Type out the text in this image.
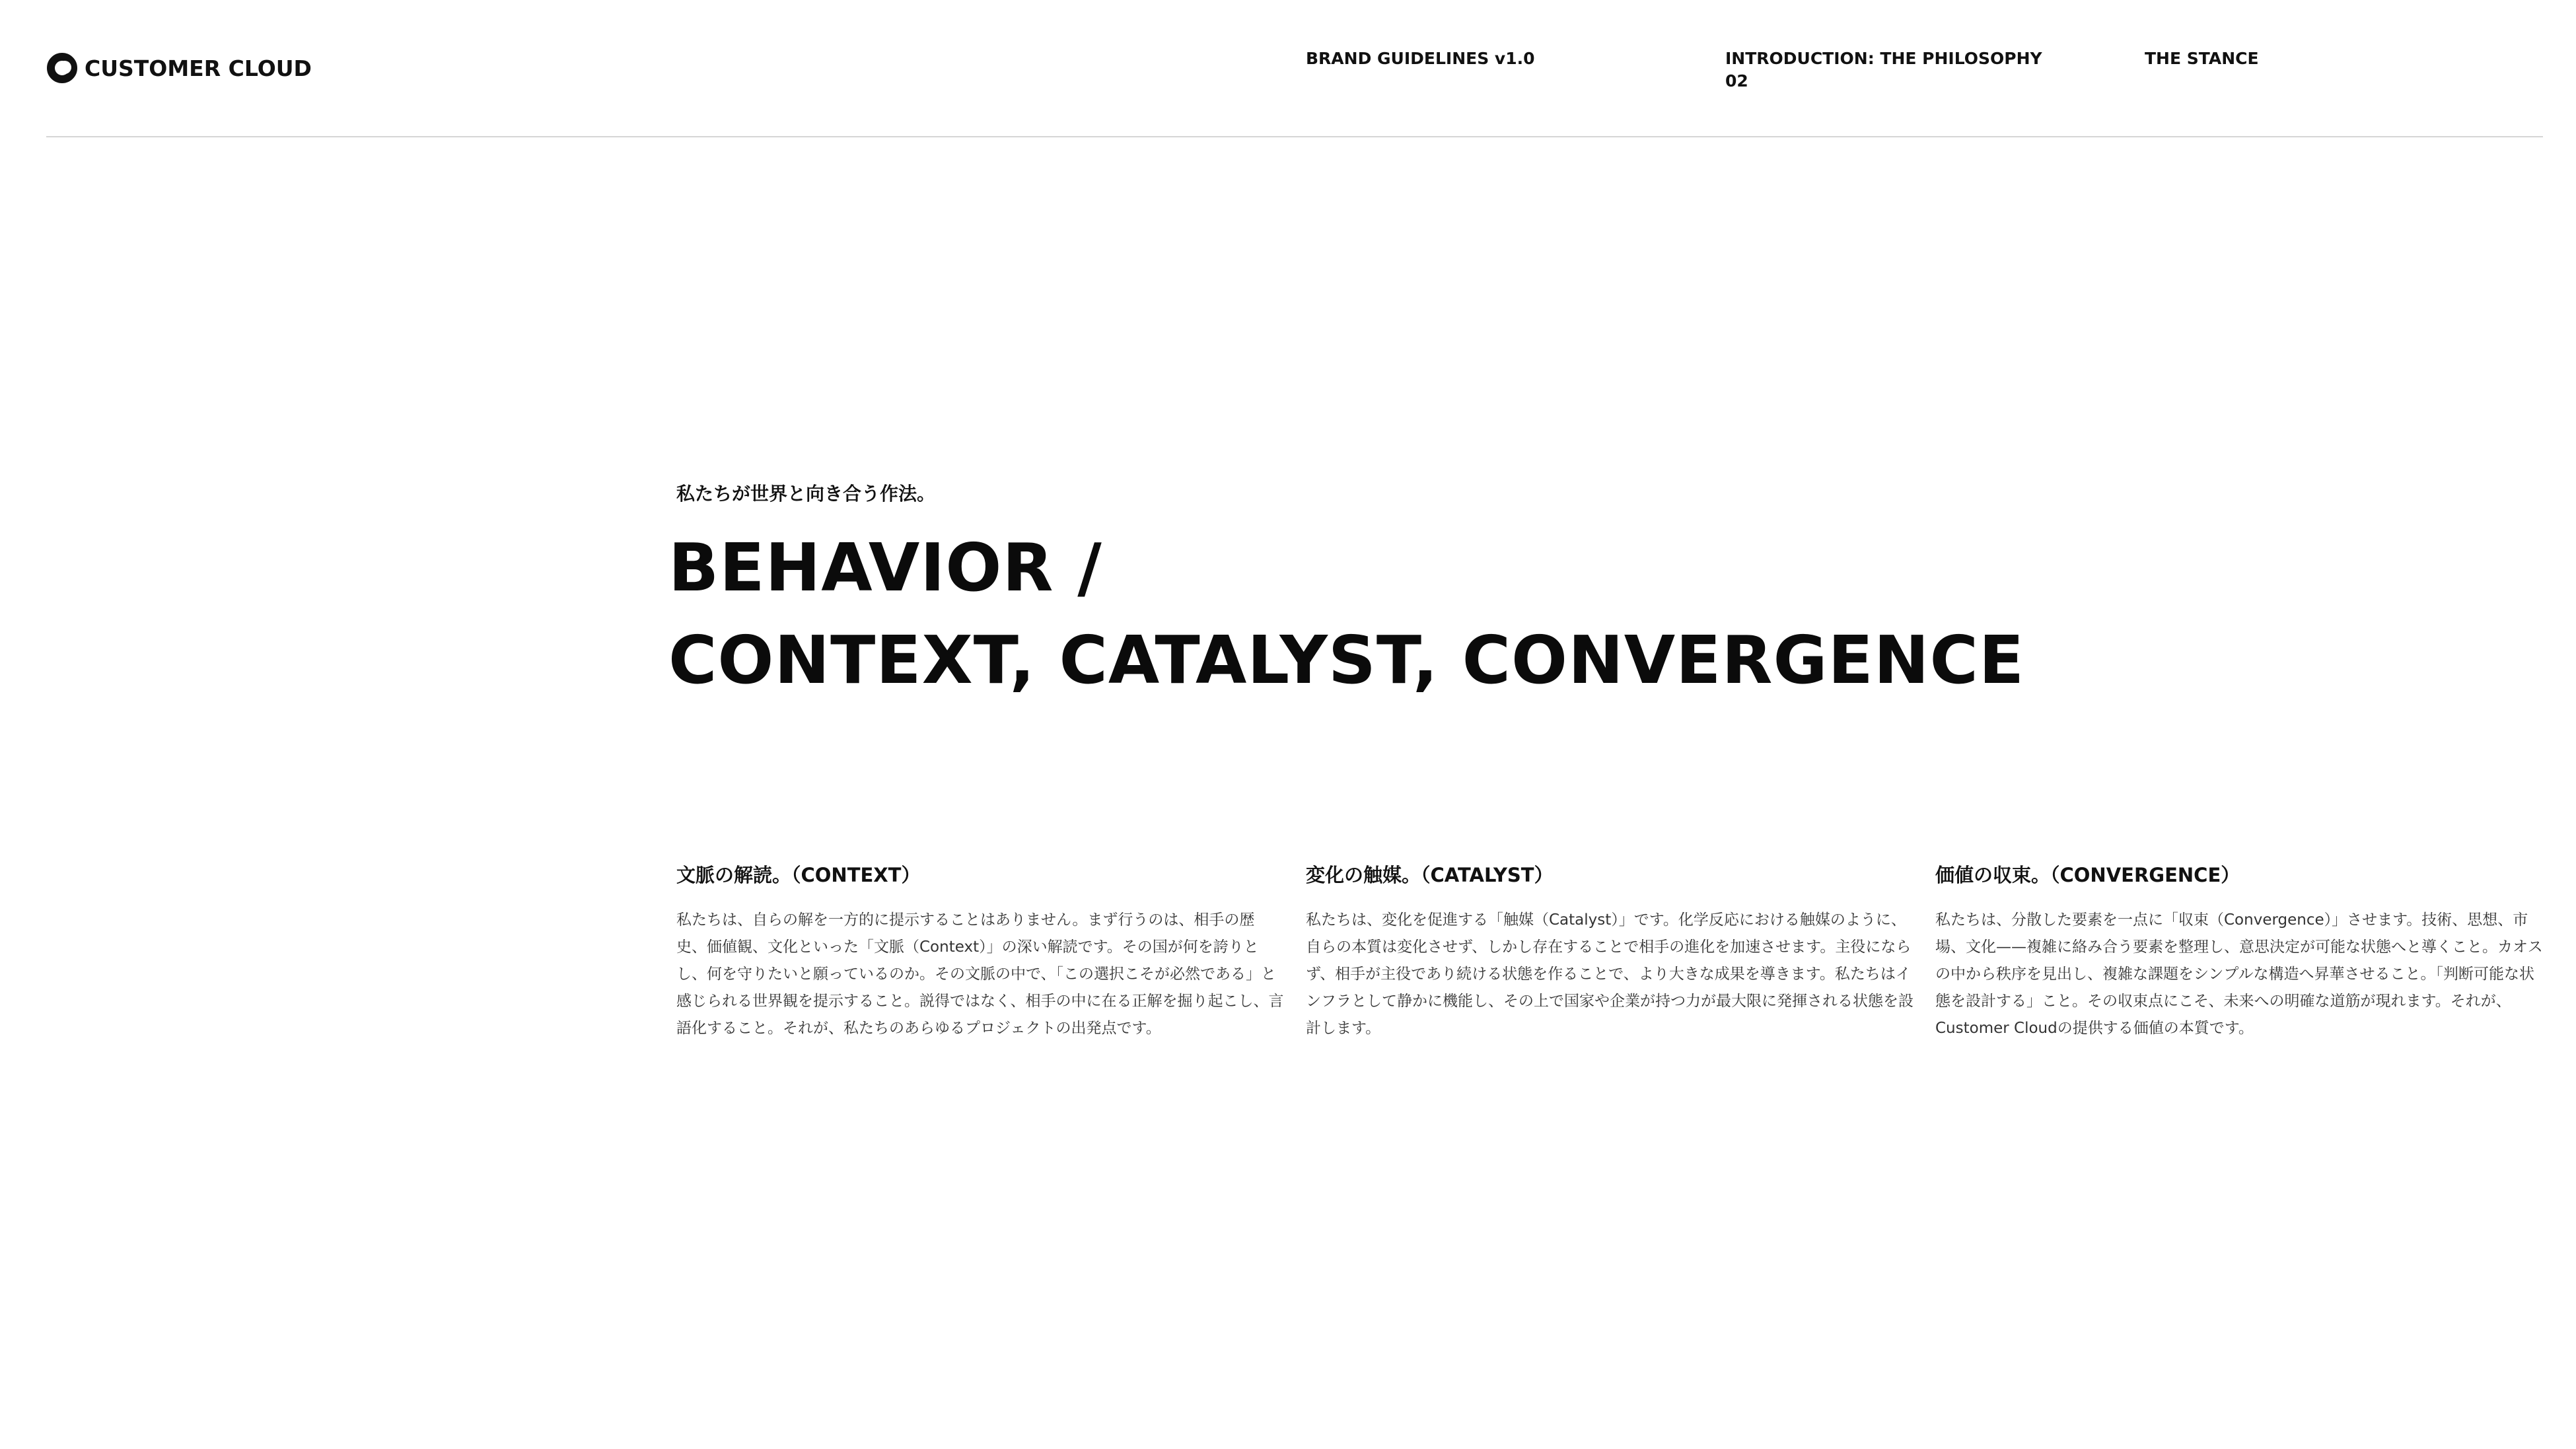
CUSTOMER CLOUD	BRAND GUIDELINES v1.0	INTRODUCTION: THE PHILOSOPHY
02
THE STANCE
私たちが世界と向き合う作法。
BEHAVIOR /
CONTEXT, CATALYST, CONVERGENCE
文脈の解読。（CONTEXT）

私たちは、自らの解を一方的に提示することはありません。まず行うのは、相手の歴史、価値観、文化といった「文脈（Context）」の深い解読です。その国が何を誇りとし、何を守りたいと願っているのか。その文脈の中で、「この選択こそが必然である」と感じられる世界観を提示すること。説得ではなく、相手の中に在る正解を掘り起こし、言語化すること。それが、私たちのあらゆるプロジェクトの出発点です。

変化の触媒。（CATALYST）

私たちは、変化を促進する「触媒（Catalyst）」です。化学反応における触媒のように、自らの本質は変化させず、しかし存在することで相手の進化を加速させます。主役にならず、相手が主役であり続ける状態を作ることで、より大きな成果を導きます。私たちはインフラとして静かに機能し、その上で国家や企業が持つ力が最大限に発揮される状態を設計します。

価値の収束。（CONVERGENCE）

私たちは、分散した要素を一点に「収束（Convergence）」させます。技術、思想、市場、文化——複雑に絡み合う要素を整理し、意思決定が可能な状態へと導くこと。カオスの中から秩序を見出し、複雑な課題をシンプルな構造へ昇華させること。「判断可能な状態を設計する」こと。その収束点にこそ、未来への明確な道筋が現れます。それが、Customer Cloudの提供する価値の本質です。
